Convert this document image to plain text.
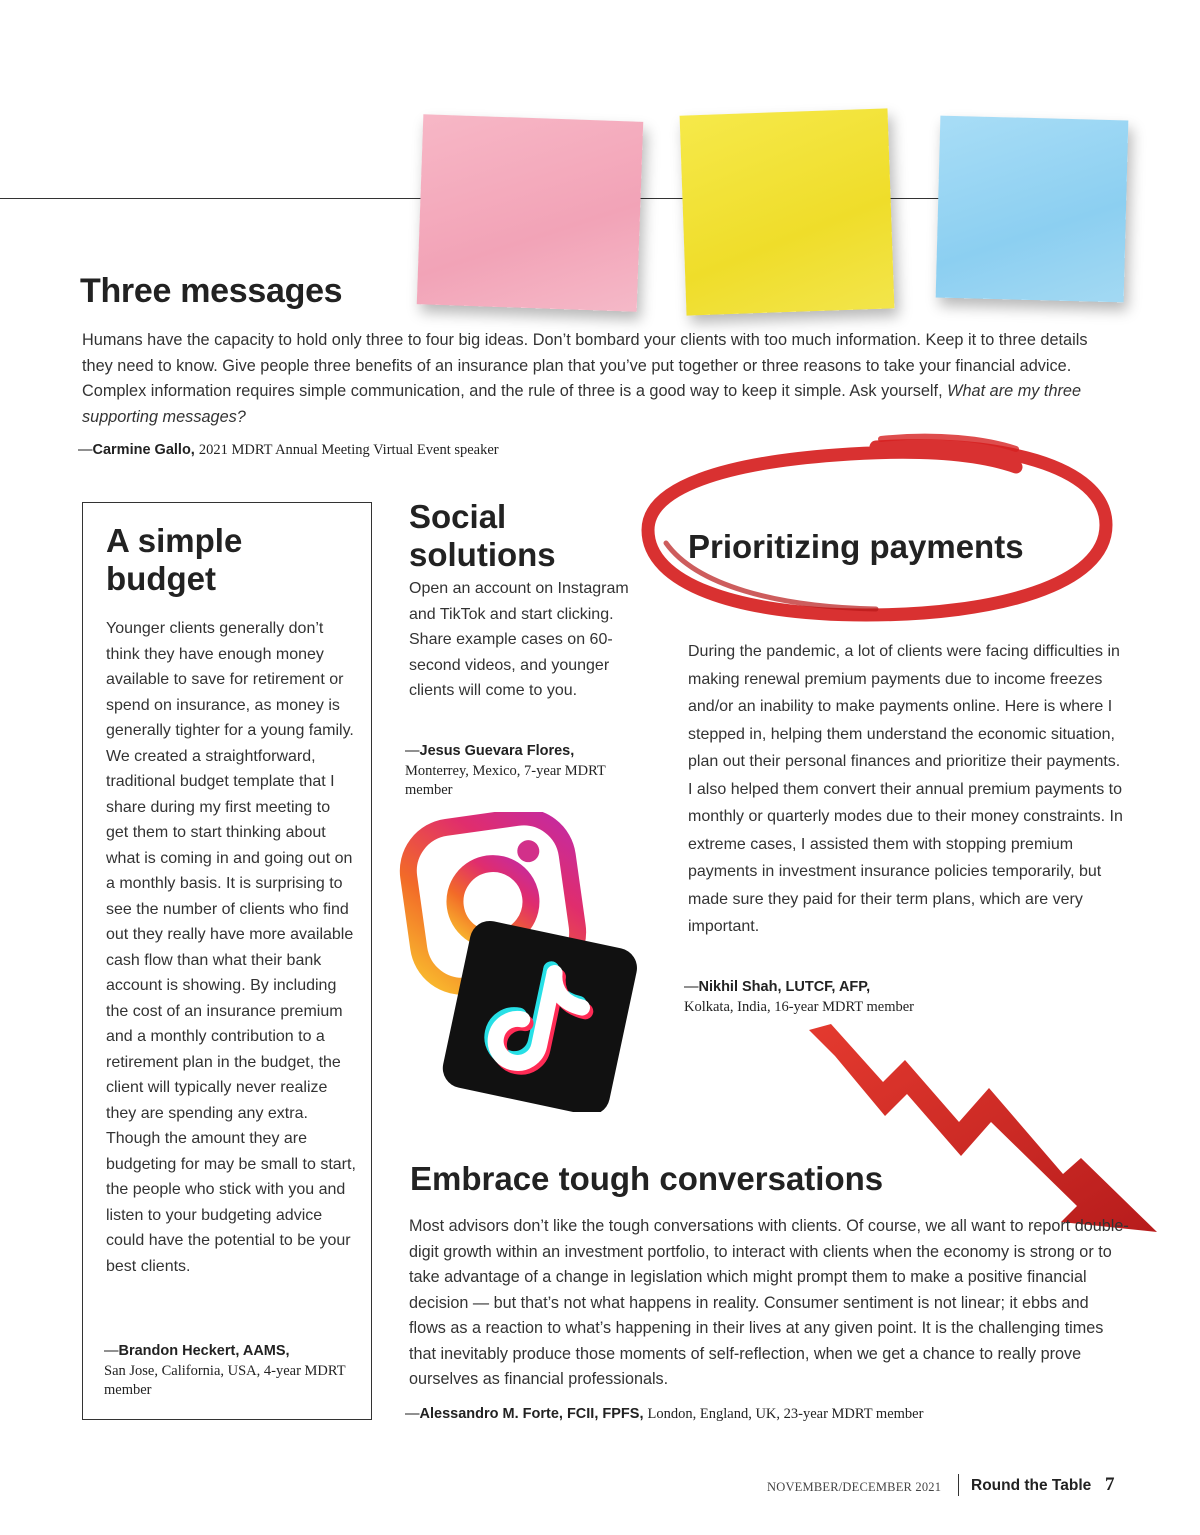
Three messages

Humans have the capacity to hold only three to four big ideas. Don’t bombard your clients with too much information. Keep it to three details they need to know. Give people three benefits of an insurance plan that you’ve put together or three reasons to take your financial advice. Complex information requires simple communication, and the rule of three is a good way to keep it simple. Ask yourself, What are my three supporting messages?

—Carmine Gallo, 2021 MDRT Annual Meeting Virtual Event speaker
A simple
budget

Younger clients generally don’t think they have enough money available to save for retirement or spend on insurance, as money is generally tighter for a young family. We created a straightforward, traditional budget template that I share during my first meeting to get them to start thinking about what is coming in and going out on a monthly basis. It is surprising to see the number of clients who find out they really have more available cash flow than what their bank account is showing. By including the cost of an insurance premium and a monthly contribution to a retirement plan in the budget, the client will typically never realize they are spending any extra. Though the amount they are budgeting for may be small to start, the people who stick with you and listen to your budgeting advice could have the potential to be your best clients.

—Brandon Heckert, AAMS,
San Jose, California, USA, 4-year MDRT member
Social
solutions

Open an account on Instagram and TikTok and start clicking. Share example cases on 60-second videos, and younger clients will come to you.

—Jesus Guevara Flores,
Monterrey, Mexico, 7-year MDRT member
Prioritizing payments

During the pandemic, a lot of clients were facing difficulties in making renewal premium payments due to income freezes and/or an inability to make payments online. Here is where I stepped in, helping them understand the economic situation, plan out their personal finances and prioritize their payments. I also helped them convert their annual premium payments to monthly or quarterly modes due to their money constraints. In extreme cases, I assisted them with stopping premium payments in investment insurance policies temporarily, but made sure they paid for their term plans, which are very important.

—Nikhil Shah, LUTCF, AFP,
Kolkata, India, 16-year MDRT member
Embrace tough conversations

Most advisors don’t like the tough conversations with clients. Of course, we all want to report double-digit growth within an investment portfolio, to interact with clients when the economy is strong or to take advantage of a change in legislation which might prompt them to make a positive financial decision — but that’s not what happens in reality. Consumer sentiment is not linear; it ebbs and flows as a reaction to what’s happening in their lives at any given point. It is the challenging times that inevitably produce those moments of self-reflection, when we get a chance to really prove ourselves as financial professionals.

—Alessandro M. Forte, FCII, FPFS, London, England, UK, 23-year MDRT member
NOVEMBER/DECEMBER 2021 Round the Table 7
